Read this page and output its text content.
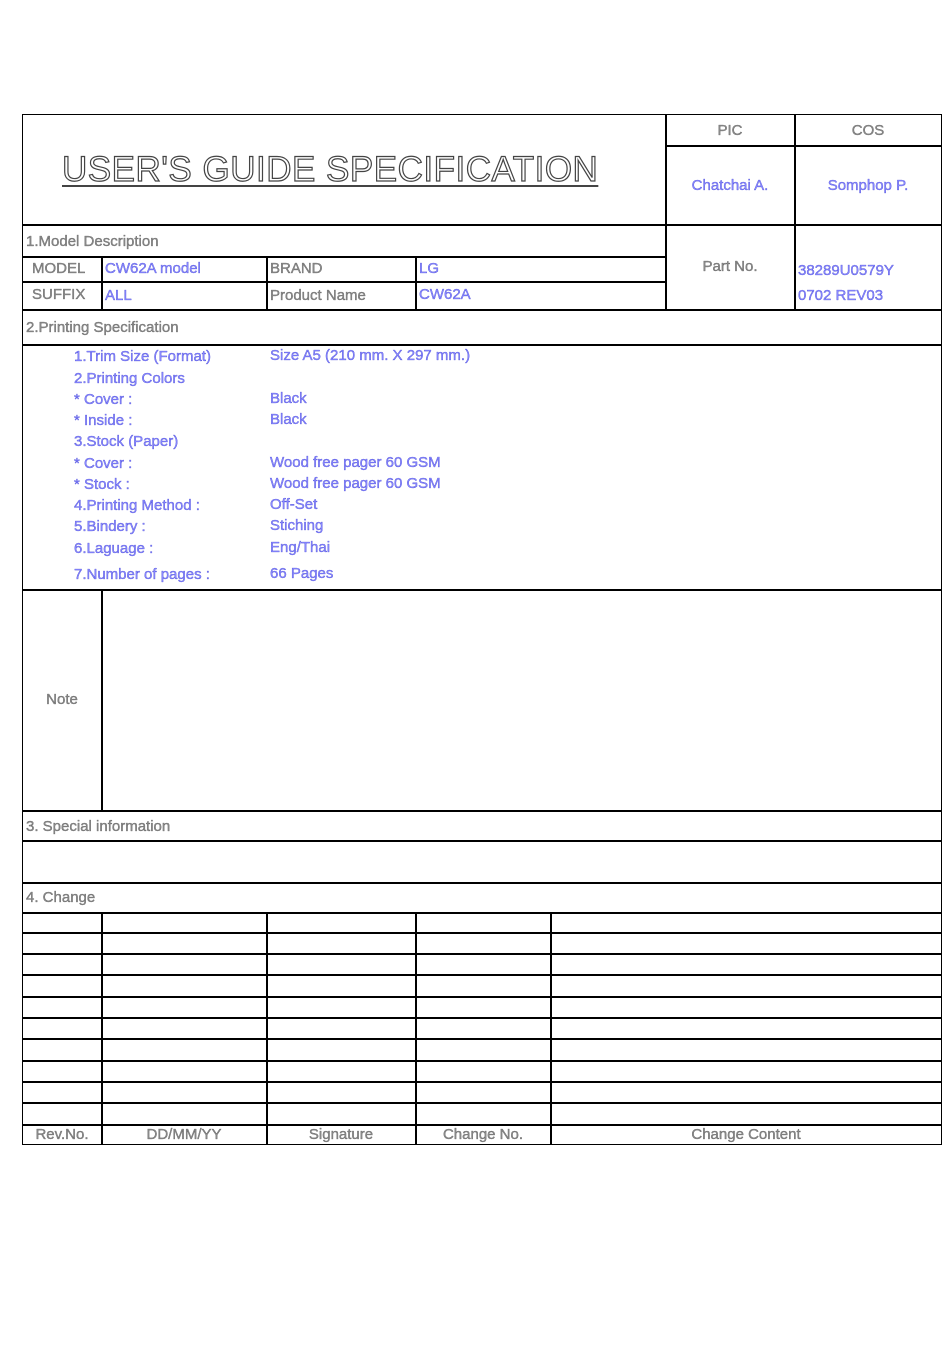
USER'S GUIDE SPECIFICATION
PIC	COS
Chatchai A.	Somphop P.
1.Model Description
MODEL CW62A model	BRAND	LG
SUFFIX ALL	Product Name	CW62A
Part No.	38289U0579Y
0702 REV03
2.Printing Specification
1.Trim Size (Format)	Size A5 (210 mm. X 297 mm.)
2.Printing Colors
* Cover :	Black
* Inside :	Black
3.Stock (Paper)
* Cover :	Wood free pager 60 GSM
* Stock :	Wood free pager 60 GSM
4.Printing Method :	Off-Set
5.Bindery :	Stiching
6.Laguage :	Eng/Thai
7.Number of pages :	66 Pages
Note
3. Special information
4. Change
Rev.No.	DD/MM/YY	Signature	Change No.	Change Content
